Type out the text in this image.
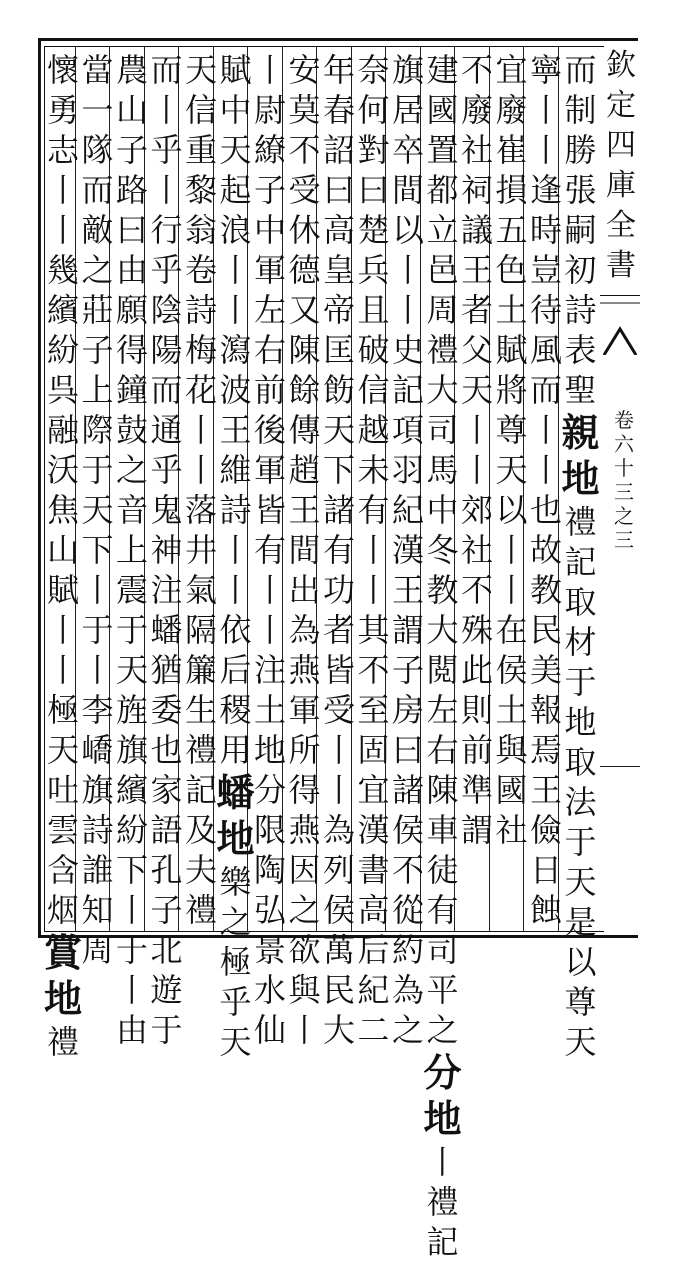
欽
定
四
庫
全
書
卷
六
十
三
之
三
而
制
勝
張
嗣
初
詩
表
聖
親
地
禮
記
取
材
于
地
取
法
于
天
是
以
尊
天
寧
丨
丨
逢
時
豈
待
風
而
丨
丨
也
故
教
民
美
報
焉
王
儉
日
蝕
宜
廢
崔
損
五
色
土
賦
將
尊
天
以
丨
丨
在
侯
土
與
國
社
不
廢
社
祠
議
王
者
父
天
丨
丨
郊
社
不
殊
此
則
前
準
謂
建
國
置
都
立
邑
周
禮
大
司
馬
中
冬
教
大
閲
左
右
陳
車
徒
有
司
平
之
分
地
丨
禮
記
旗
居
卒
間
以
丨
丨
史
記
項
羽
紀
漢
王
謂
子
房
曰
諸
侯
不
從
約
為
之
奈
何
對
曰
楚
兵
且
破
信
越
未
有
丨
丨
其
不
至
固
宜
漢
書
高
后
紀
二
年
春
詔
曰
高
皇
帝
匡
飭
天
下
諸
有
功
者
皆
受
丨
丨
為
列
侯
萬
民
大
安
莫
不
受
休
德
又
陳
餘
傳
趙
王
間
出
為
燕
軍
所
得
燕
因
之
欲
與
丨
丨
尉
繚
子
中
軍
左
右
前
後
軍
皆
有
丨
丨
注
土
地
分
限
陶
弘
景
水
仙
賦
中
天
起
浪
丨
丨
瀉
波
王
維
詩
丨
丨
依
后
稷
用
蟠
地
樂
之
極
乎
天
天
信
重
黎
翁
卷
詩
梅
花
丨
丨
落
井
氣
隔
簾
生
禮
記
及
夫
禮
而
丨
乎
丨
行
乎
陰
陽
而
通
乎
鬼
神
注
蟠
猶
委
也
家
語
孔
子
北
遊
于
農
山
子
路
曰
由
願
得
鐘
鼓
之
音
上
震
于
天
旌
旗
繽
紛
下
丨
于
丨
由
當
一
隊
而
敵
之
莊
子
上
際
于
天
下
丨
于
丨
李
嶠
旗
詩
誰
知
周
懷
勇
志
丨
丨
幾
繽
紛
呉
融
沃
焦
山
賦
丨
丨
極
天
吐
雲
含
烟
賞
地
禮
